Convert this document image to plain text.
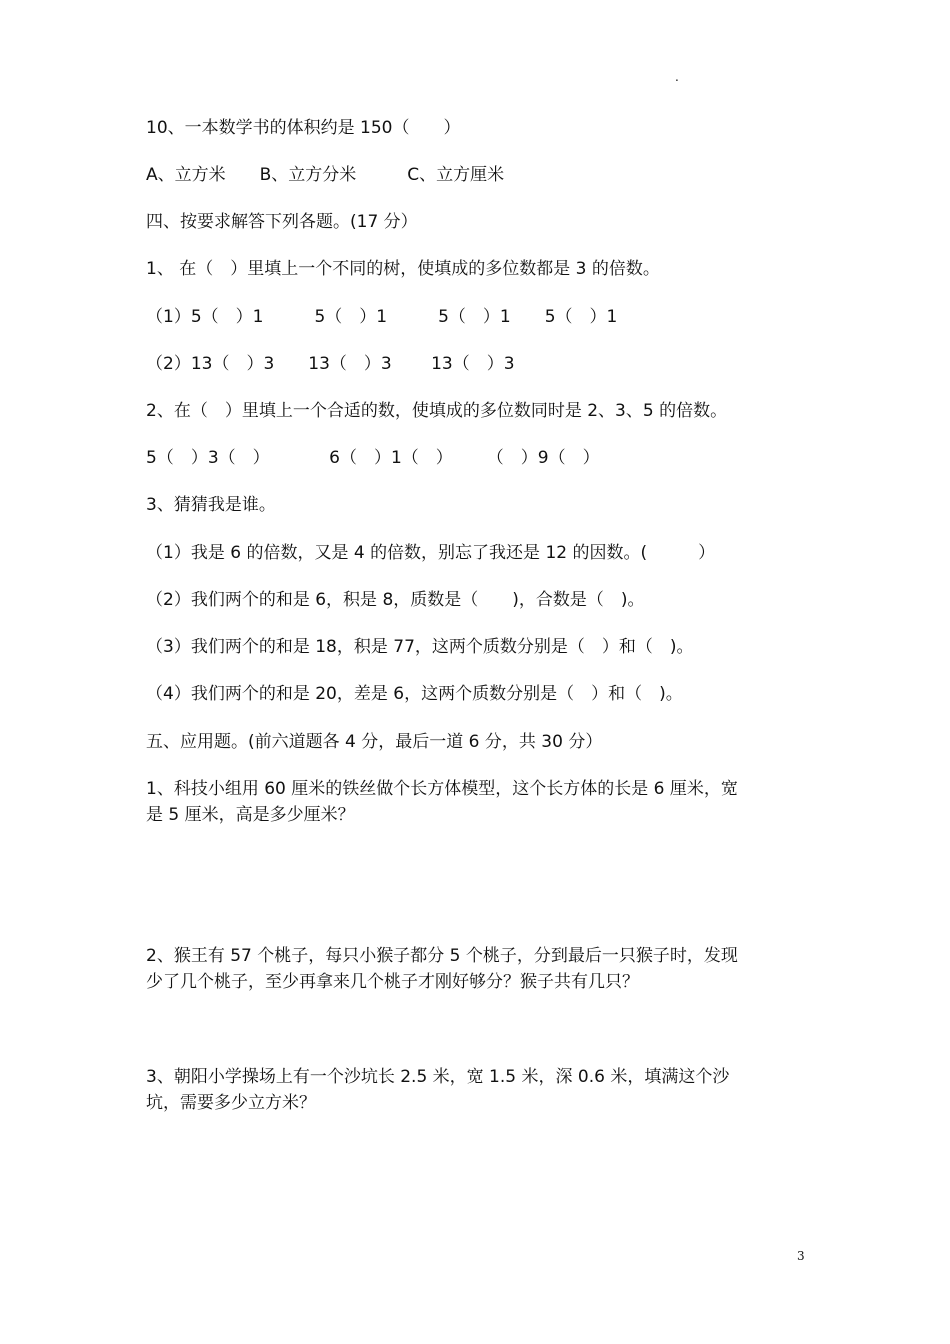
.
10、一本数学书的体积约是 150（　　）
A、立方米　　B、立方分米　　　C、立方厘米
四、按要求解答下列各题。(17 分）
1、 在（　）里填上一个不同的树，使填成的多位数都是 3 的倍数。
（1）5（　）1　　　5（　）1　　　5（　）1　　5（　）1
（2）13（　）3　　13（　）3　　 13（　）3
2、在（　）里填上一个合适的数，使填成的多位数同时是 2、3、5 的倍数。
5（　）3（　）　　　　6（　）1（　）　　　（　）9（　）
3、猜猜我是谁。
（1）我是 6 的倍数，又是 4 的倍数，别忘了我还是 12 的因数。(　　　）
（2）我们两个的和是 6，积是 8，质数是（　　)，合数是（　)。
（3）我们两个的和是 18，积是 77，这两个质数分别是（　）和（　)。
（4）我们两个的和是 20，差是 6，这两个质数分别是（　）和（　)。
五、应用题。(前六道题各 4 分，最后一道 6 分，共 30 分）
1、科技小组用 60 厘米的铁丝做个长方体模型，这个长方体的长是 6 厘米，宽
是 5 厘米，高是多少厘米？
2、猴王有 57 个桃子，每只小猴子都分 5 个桃子，分到最后一只猴子时，发现
少了几个桃子，至少再拿来几个桃子才刚好够分？猴子共有几只？
3、朝阳小学操场上有一个沙坑长 2.5 米，宽 1.5 米，深 0.6 米，填满这个沙
坑，需要多少立方米？
3
